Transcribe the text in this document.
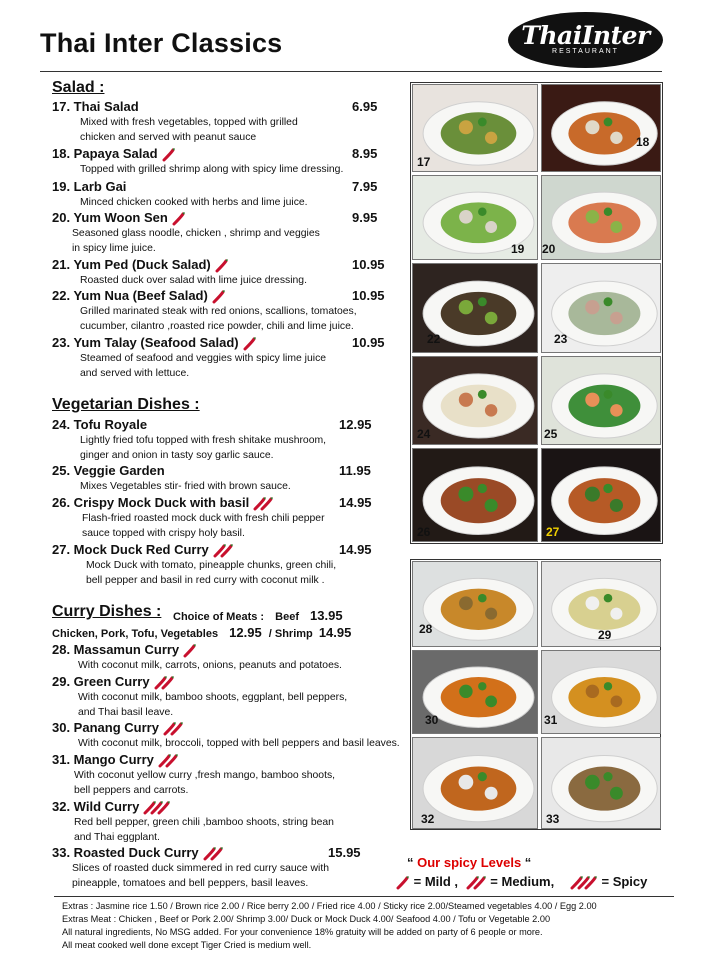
Thai Inter Classics	ThaiInter
RESTAURANT
Salad :
17. Thai Salad	6.95
Mixed with fresh vegetables, topped with grilled
chicken and served with peanut sauce
18. Papaya Salad	8.95
Topped with grilled shrimp along with spicy lime dressing.
19. Larb Gai	7.95
Minced chicken cooked with herbs and lime juice.
20. Yum Woon Sen	9.95
Seasoned glass noodle, chicken , shrimp and veggies
in spicy lime juice.
21. Yum Ped (Duck Salad)	10.95
Roasted duck over salad with lime juice dressing.
22. Yum Nua (Beef Salad)	10.95
Grilled marinated steak with red onions, scallions, tomatoes,
cucumber, cilantro ,roasted rice powder, chili and lime juice.
23. Yum Talay (Seafood Salad)	10.95
Steamed of seafood and veggies with spicy lime juice
and served with lettuce.
Vegetarian Dishes :
24. Tofu Royale	12.95
Lightly fried tofu topped with fresh shitake mushroom,
ginger and onion in tasty soy garlic sauce.
25. Veggie Garden	11.95
Mixes Vegetables stir- fried with brown sauce.
26. Crispy Mock Duck with basil	14.95
Flash-fried roasted mock duck with fresh chili pepper
sauce topped with crispy holy basil.
27. Mock Duck Red Curry	14.95
Mock Duck with tomato, pineapple chunks, green chili,
bell pepper and basil in red curry with coconut milk .
Curry Dishes : Choice of Meats : Beef 13.95
Chicken, Pork, Tofu, Vegetables 12.95 / Shrimp 14.95
28. Massamun Curry
With coconut milk, carrots, onions, peanuts and potatoes.
29. Green Curry
With coconut milk, bamboo shoots, eggplant, bell peppers,
and Thai basil leave.
30. Panang Curry
With coconut milk, broccoli, topped with bell peppers and basil leaves.
31. Mango Curry
With coconut yellow curry ,fresh mango, bamboo shoots,
bell peppers and carrots.
32. Wild Curry
Red bell pepper, green chili ,bamboo shoots, string bean
and Thai eggplant.
33. Roasted Duck Curry	15.95
Slices of roasted duck simmered in red curry sauce with
pineapple, tomatoes and bell peppers, basil leaves.
17
18
19 20
22	23
24	25
26	27
28	29
30	31
32	33
“ Our spicy Levels “
= Mild , = Medium,	= Spicy
Extras : Jasmine rice 1.50 / Brown rice 2.00 / Rice berry 2.00 / Fried rice 4.00 / Sticky rice 2.00/Steamed vegetables 4.00 / Egg 2.00
Extras Meat : Chicken , Beef or Pork 2.00/ Shrimp 3.00/ Duck or Mock Duck 4.00/ Seafood 4.00 / Tofu or Vegetable 2.00
All natural ingredients, No MSG added. For your convenience 18% gratuity will be added on party of 6 people or more.
All meat cooked well done except Tiger Cried is medium well.
